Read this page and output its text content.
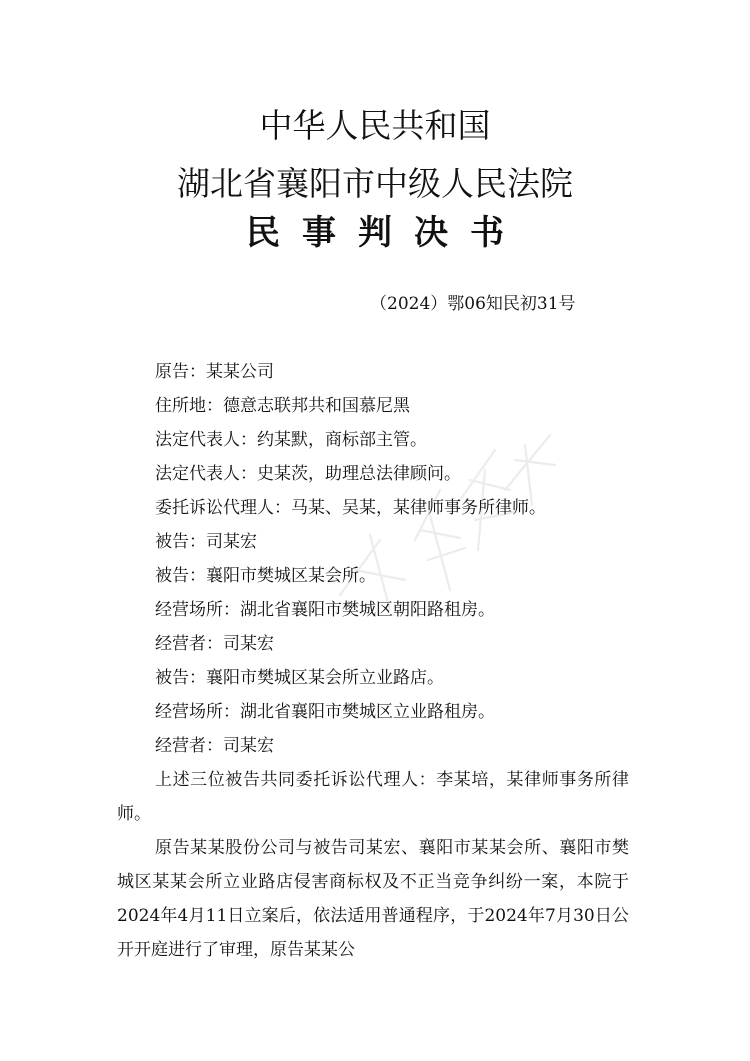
中华人民共和国
湖北省襄阳市中级人民法院
民事判决书
（2024）鄂06知民初31号
原告：某某公司
住所地：德意志联邦共和国慕尼黑
法定代表人：约某默，商标部主管。
法定代表人：史某茨，助理总法律顾问。
委托诉讼代理人：马某、吴某，某律师事务所律师。
被告：司某宏
被告：襄阳市樊城区某会所。
经营场所：湖北省襄阳市樊城区朝阳路租房。
经营者：司某宏
被告：襄阳市樊城区某会所立业路店。
经营场所：湖北省襄阳市樊城区立业路租房。
经营者：司某宏
上述三位被告共同委托诉讼代理人：李某培，某律师事务所律师。
原告某某股份公司与被告司某宏、襄阳市某某会所、襄阳市樊城区某某会所立业路店侵害商标权及不正当竞争纠纷一案，本院于2024年4月11日立案后，依法适用普通程序，于2024年7月30日公开开庭进行了审理，原告某某公
